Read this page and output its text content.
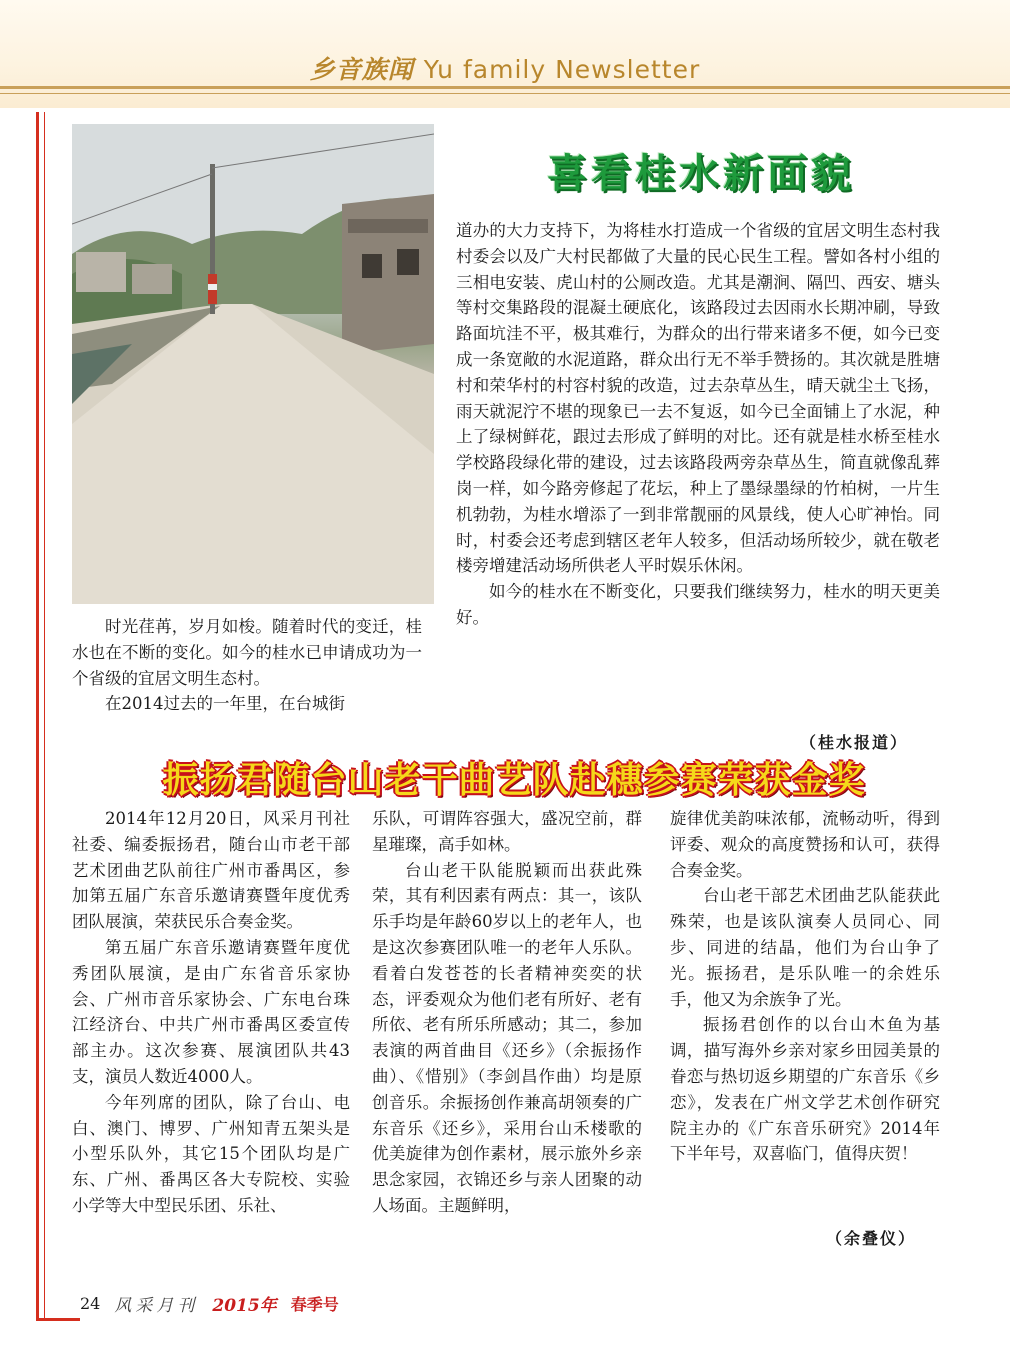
乡音族闻 Yu family Newsletter
喜看桂水新面貌

道办的大力支持下，为将桂水打造成一个省级的宜居文明生态村我村委会以及广大村民都做了大量的民心民生工程。譬如各村小组的三相电安装、虎山村的公厕改造。尤其是潮涧、隔凹、西安、塘头等村交集路段的混凝土硬底化，该路段过去因雨水长期冲刷，导致路面坑洼不平，极其难行，为群众的出行带来诸多不便，如今已变成一条宽敞的水泥道路，群众出行无不举手赞扬的。其次就是胜塘村和荣华村的村容村貌的改造，过去杂草丛生，晴天就尘土飞扬，雨天就泥泞不堪的现象已一去不复返，如今已全面铺上了水泥，种上了绿树鲜花，跟过去形成了鲜明的对比。还有就是桂水桥至桂水学校路段绿化带的建设，过去该路段两旁杂草丛生，简直就像乱葬岗一样，如今路旁修起了花坛，种上了墨绿墨绿的竹柏树，一片生机勃勃，为桂水增添了一到非常靓丽的风景线，使人心旷神怡。同时，村委会还考虑到辖区老年人较多，但活动场所较少，就在敬老楼旁增建活动场所供老人平时娱乐休闲。

如今的桂水在不断变化，只要我们继续努力，桂水的明天更美好。

时光荏苒，岁月如梭。随着时代的变迁，桂水也在不断的变化。如今的桂水已申请成功为一个省级的宜居文明生态村。

在2014过去的一年里，在台城街

（桂水报道）
振扬君随台山老干曲艺队赴穗参赛荣获金奖

2014年12月20日，风采月刊社社委、编委振扬君，随台山市老干部艺术团曲艺队前往广州市番禺区，参加第五届广东音乐邀请赛暨年度优秀团队展演，荣获民乐合奏金奖。

第五届广东音乐邀请赛暨年度优秀团队展演，是由广东省音乐家协会、广州市音乐家协会、广东电台珠江经济台、中共广州市番禺区委宣传部主办。这次参赛、展演团队共43支，演员人数近4000人。

今年列席的团队，除了台山、电白、澳门、博罗、广州知青五架头是小型乐队外，其它15个团队均是广东、广州、番禺区各大专院校、实验小学等大中型民乐团、乐社、

乐队，可谓阵容强大，盛况空前，群星璀璨，高手如林。

台山老干队能脱颖而出获此殊荣，其有利因素有两点：其一，该队乐手均是年龄60岁以上的老年人，也是这次参赛团队唯一的老年人乐队。看着白发苍苍的长者精神奕奕的状态，评委观众为他们老有所好、老有所依、老有所乐所感动；其二，参加表演的两首曲目《还乡》（余振扬作曲）、《惜别》（李剑昌作曲）均是原创音乐。余振扬创作兼高胡领奏的广东音乐《还乡》，采用台山禾楼歌的优美旋律为创作素材，展示旅外乡亲思念家园，衣锦还乡与亲人团聚的动人场面。主题鲜明，

旋律优美韵味浓郁，流畅动听，得到评委、观众的高度赞扬和认可，获得合奏金奖。

台山老干部艺术团曲艺队能获此殊荣，也是该队演奏人员同心、同步、同进的结晶，他们为台山争了光。振扬君，是乐队唯一的余姓乐手，他又为余族争了光。

振扬君创作的以台山木鱼为基调，描写海外乡亲对家乡田园美景的眷恋与热切返乡期望的广东音乐《乡恋》，发表在广州文学艺术创作研究院主办的《广东音乐研究》2014年下半年号，双喜临门，值得庆贺！

（余叠仪）
24 风采月刊 2015年 春季号
